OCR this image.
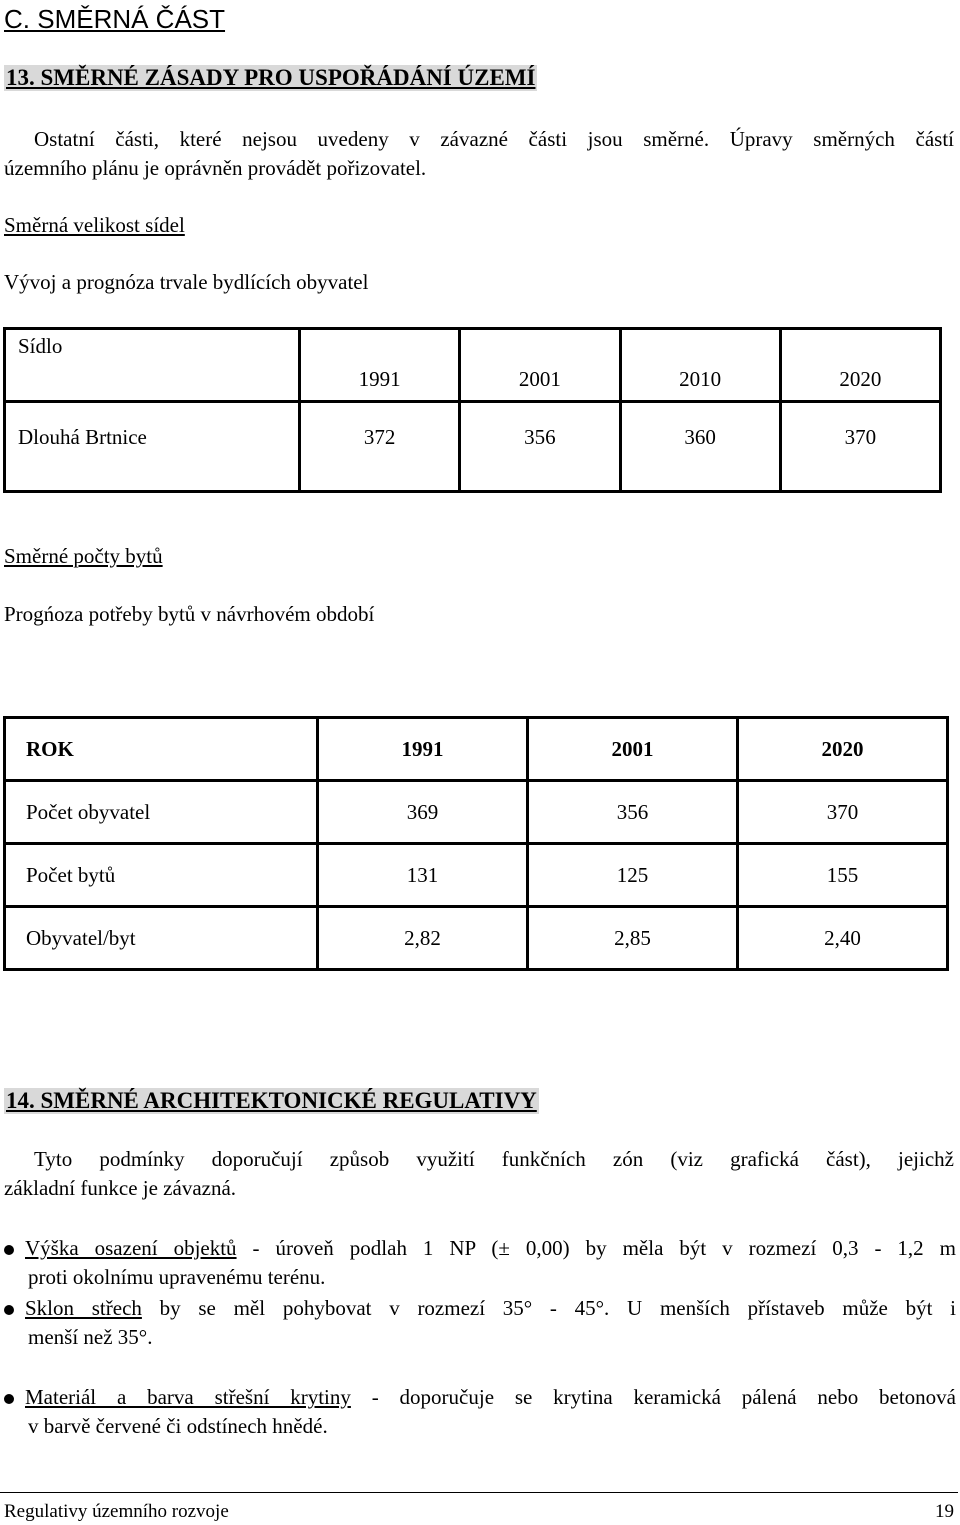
C. SMĚRNÁ ČÁST
13. SMĚRNÉ ZÁSADY PRO USPOŘÁDÁNÍ ÚZEMÍ
Ostatní části, které nejsou uvedeny v závazné části jsou směrné. Úpravy směrných částí
územního plánu je oprávněn provádět pořizovatel.
Směrná velikost sídel
Vývoj a prognóza trvale bydlících obyvatel
Sídlo	1991	2001	2010	2020
Dlouhá Brtnice	372	356	360	370
Směrné počty bytů
Progńoza potřeby bytů v návrhovém období
ROK	1991	2001	2020
Počet obyvatel	369	356	370
Počet bytů	131	125	155
Obyvatel/byt	2,82	2,85	2,40
14. SMĚRNÉ ARCHITEKTONICKÉ REGULATIVY
Tyto podmínky doporučují způsob využití funkčních zón (viz grafická část), jejichž
základní funkce je závazná.
Výška osazení objektů - úroveň podlah 1 NP (± 0,00) by měla být v rozmezí 0,3 - 1,2 m
proti okolnímu upravenému terénu.
Sklon střech by se měl pohybovat v rozmezí 35° - 45°. U menších přístaveb může být i
menší než 35°.
Materiál a barva střešní krytiny - doporučuje se krytina keramická pálená nebo betonová
v barvě červené či odstínech hnědé.
Regulativy územního rozvoje	19
